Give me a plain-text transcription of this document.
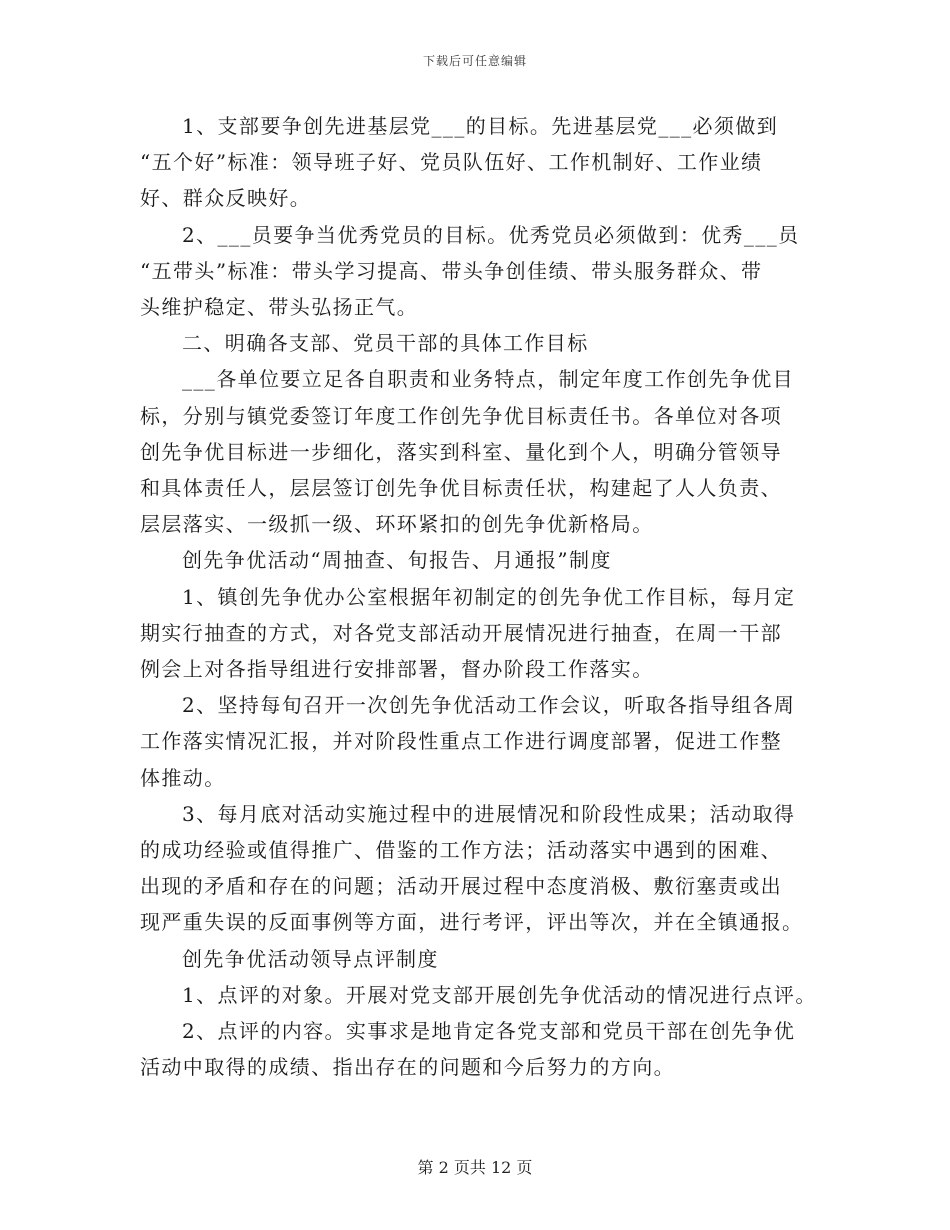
下载后可任意编辑

1、支部要争创先进基层党___的目标。先进基层党___必须做到

“五个好”标准：领导班子好、党员队伍好、工作机制好、工作业绩

好、群众反映好。

2、___员要争当优秀党员的目标。优秀党员必须做到：优秀___员

“五带头”标准：带头学习提高、带头争创佳绩、带头服务群众、带

头维护稳定、带头弘扬正气。

二、明确各支部、党员干部的具体工作目标

___各单位要立足各自职责和业务特点，制定年度工作创先争优目

标，分别与镇党委签订年度工作创先争优目标责任书。各单位对各项

创先争优目标进一步细化，落实到科室、量化到个人，明确分管领导

和具体责任人，层层签订创先争优目标责任状，构建起了人人负责、

层层落实、一级抓一级、环环紧扣的创先争优新格局。

创先争优活动“周抽查、旬报告、月通报”制度

1、镇创先争优办公室根据年初制定的创先争优工作目标，每月定

期实行抽查的方式，对各党支部活动开展情况进行抽查，在周一干部

例会上对各指导组进行安排部署，督办阶段工作落实。

2、坚持每旬召开一次创先争优活动工作会议，听取各指导组各周

工作落实情况汇报，并对阶段性重点工作进行调度部署，促进工作整

体推动。

3、每月底对活动实施过程中的进展情况和阶段性成果；活动取得

的成功经验或值得推广、借鉴的工作方法；活动落实中遇到的困难、

出现的矛盾和存在的问题；活动开展过程中态度消极、敷衍塞责或出

现严重失误的反面事例等方面，进行考评，评出等次，并在全镇通报。

创先争优活动领导点评制度

1、点评的对象。开展对党支部开展创先争优活动的情况进行点评。

2、点评的内容。实事求是地肯定各党支部和党员干部在创先争优

活动中取得的成绩、指出存在的问题和今后努力的方向。

第 2 页共 12 页
